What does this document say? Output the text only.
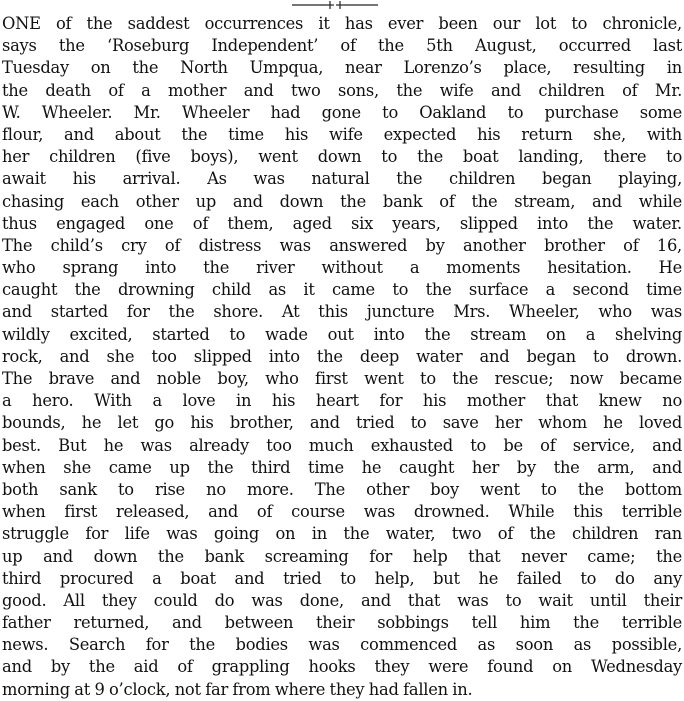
ONE of the saddest occurrences it has ever been our lot to chronicle,
says the ‘Roseburg Independent’ of the 5th August, occurred last
Tuesday on the North Umpqua, near Lorenzo’s place, resulting in
the death of a mother and two sons, the wife and children of Mr.
W. Wheeler. Mr. Wheeler had gone to Oakland to purchase some
flour, and about the time his wife expected his return she, with
her children (five boys), went down to the boat landing, there to
await his arrival. As was natural the children began playing,
chasing each other up and down the bank of the stream, and while
thus engaged one of them, aged six years, slipped into the water.
The child’s cry of distress was answered by another brother of 16,
who sprang into the river without a moments hesitation. He
caught the drowning child as it came to the surface a second time
and started for the shore. At this juncture Mrs. Wheeler, who was
wildly excited, started to wade out into the stream on a shelving
rock, and she too slipped into the deep water and began to drown.
The brave and noble boy, who first went to the rescue; now became
a hero. With a love in his heart for his mother that knew no
bounds, he let go his brother, and tried to save her whom he loved
best. But he was already too much exhausted to be of service, and
when she came up the third time he caught her by the arm, and
both sank to rise no more. The other boy went to the bottom
when first released, and of course was drowned. While this terrible
struggle for life was going on in the water, two of the children ran
up and down the bank screaming for help that never came; the
third procured a boat and tried to help, but he failed to do any
good. All they could do was done, and that was to wait until their
father returned, and between their sobbings tell him the terrible
news. Search for the bodies was commenced as soon as possible,
and by the aid of grappling hooks they were found on Wednesday
morning at 9 o’clock, not far from where they had fallen in.
